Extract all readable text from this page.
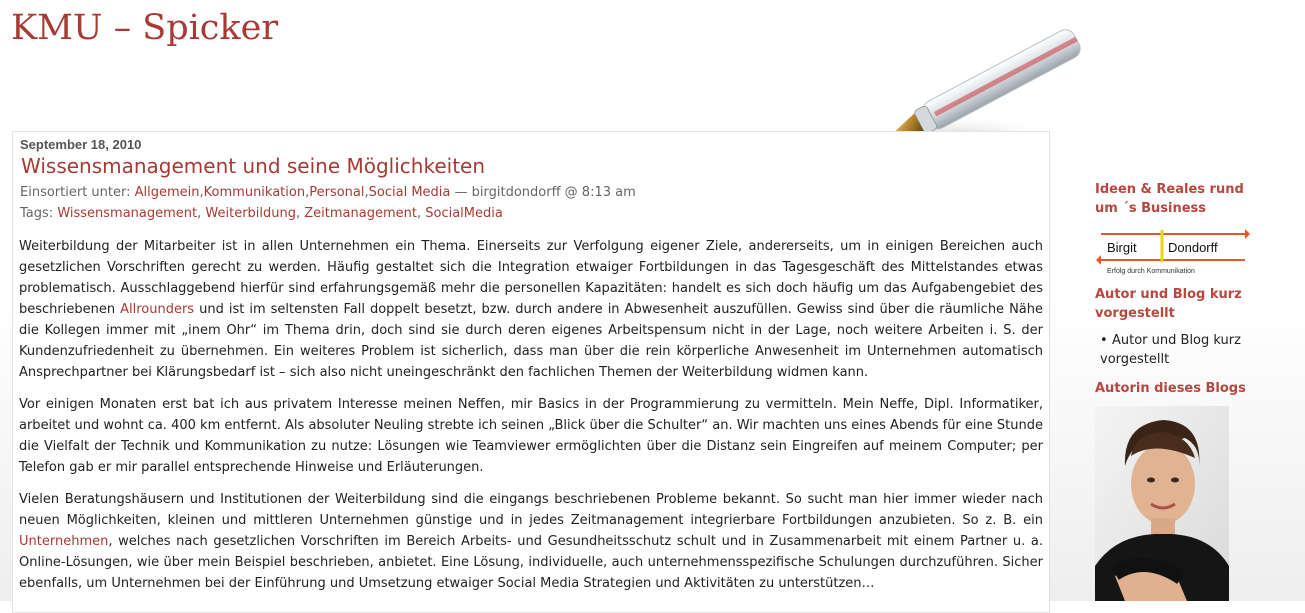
KMU – Spicker
September 18, 2010
Wissensmanagement und seine Möglichkeiten
Einsortiert unter: Allgemein,Kommunikation,Personal,Social Media — birgitdondorff @ 8:13 am
Tags: Wissensmanagement, Weiterbildung, Zeitmanagement, SocialMedia

Weiterbildung der Mitarbeiter ist in allen Unternehmen ein Thema. Einerseits zur Verfolgung eigener Ziele, andererseits, um in einigen Bereichen auch gesetzlichen Vorschriften gerecht zu werden. Häufig gestaltet sich die Integration etwaiger Fortbildungen in das Tagesgeschäft des Mittelstandes etwas problematisch. Ausschlaggebend hierfür sind erfahrungsgemäß mehr die personellen Kapazitäten: handelt es sich doch häufig um das Aufgabengebiet des beschriebenen Allrounders und ist im seltensten Fall doppelt besetzt, bzw. durch andere in Abwesenheit auszufüllen. Gewiss sind über die räumliche Nähe die Kollegen immer mit „inem Ohr“ im Thema drin, doch sind sie durch deren eigenes Arbeitspensum nicht in der Lage, noch weitere Arbeiten i. S. der Kundenzufriedenheit zu übernehmen. Ein weiteres Problem ist sicherlich, dass man über die rein körperliche Anwesenheit im Unternehmen automatisch Ansprechpartner bei Klärungsbedarf ist – sich also nicht uneingeschränkt den fachlichen Themen der Weiterbildung widmen kann.

Vor einigen Monaten erst bat ich aus privatem Interesse meinen Neffen, mir Basics in der Programmierung zu vermitteln. Mein Neffe, Dipl. Informatiker, arbeitet und wohnt ca. 400 km entfernt. Als absoluter Neuling strebte ich seinen „Blick über die Schulter“ an. Wir machten uns eines Abends für eine Stunde die Vielfalt der Technik und Kommunikation zu nutze: Lösungen wie Teamviewer ermöglichten über die Distanz sein Eingreifen auf meinem Computer; per Telefon gab er mir parallel entsprechende Hinweise und Erläuterungen.

Vielen Beratungshäusern und Institutionen der Weiterbildung sind die eingangs beschriebenen Probleme bekannt. So sucht man hier immer wieder nach neuen Möglichkeiten, kleinen und mittleren Unternehmen günstige und in jedes Zeitmanagement integrierbare Fortbildungen anzubieten. So z. B. ein Unternehmen, welches nach gesetzlichen Vorschriften im Bereich Arbeits- und Gesundheitsschutz schult und in Zusammenarbeit mit einem Partner u. a. Online-Lösungen, wie über mein Beispiel beschrieben, anbietet. Eine Lösung, individuelle, auch unternehmensspezifische Schulungen durchzuführen. Sicher ebenfalls, um Unternehmen bei der Einführung und Umsetzung etwaiger Social Media Strategien und Aktivitäten zu unterstützen…

Ideen & Reales rund um ´s Business
Birgit Dondorff
Erfolg durch Kommunikation
Autor und Blog kurz vorgestellt
• Autor und Blog kurz vorgestellt
Autorin dieses Blogs
